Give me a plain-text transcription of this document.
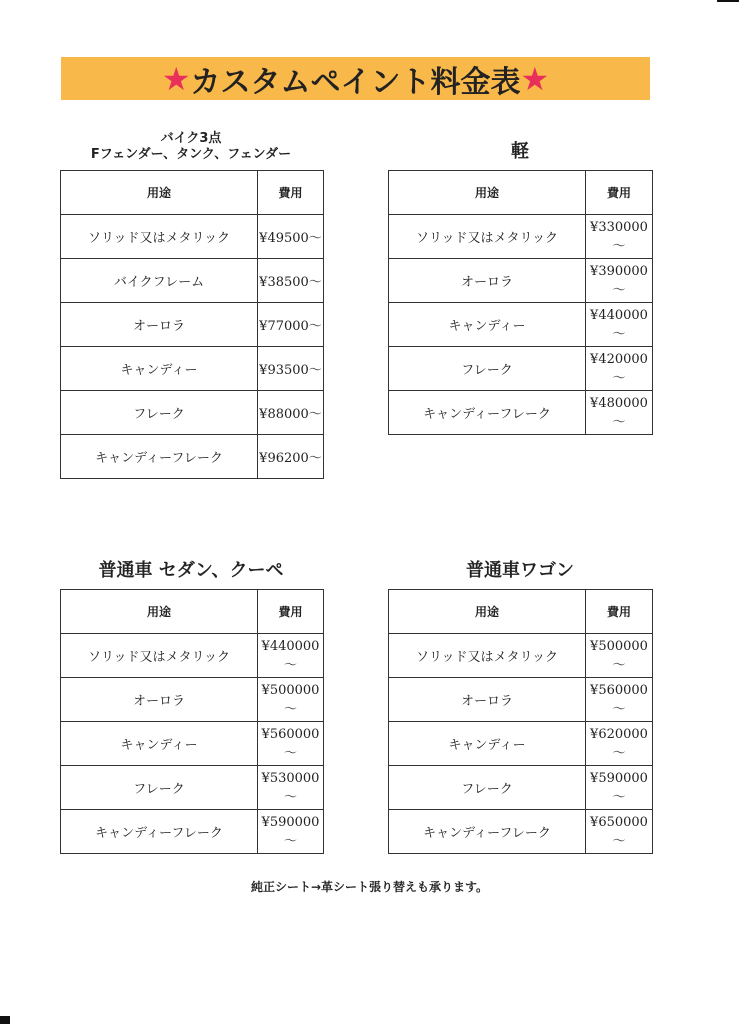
★ カスタムペイント料金表 ★
バイク3点
Fフェンダー、タンク、フェンダー	軽
普通車 セダン、クーペ	普通車ワゴン
用途	費用
ソリッド又はメタリック	¥49500～
バイクフレーム	¥38500～
オーロラ	¥77000～
キャンディー	¥93500～
フレーク	¥88000～
キャンディーフレーク	¥96200～
用途	費用
ソリッド又はメタリック	¥330000～
オーロラ	¥390000～
キャンディー	¥440000～
フレーク	¥420000～
キャンディーフレーク	¥480000～
用途	費用
ソリッド又はメタリック	¥440000～
オーロラ	¥500000～
キャンディー	¥560000～
フレーク	¥530000～
キャンディーフレーク	¥590000～
用途	費用
ソリッド又はメタリック	¥500000～
オーロラ	¥560000～
キャンディー	¥620000～
フレーク	¥590000～
キャンディーフレーク	¥650000～
純正シート→革シート張り替えも承ります。
